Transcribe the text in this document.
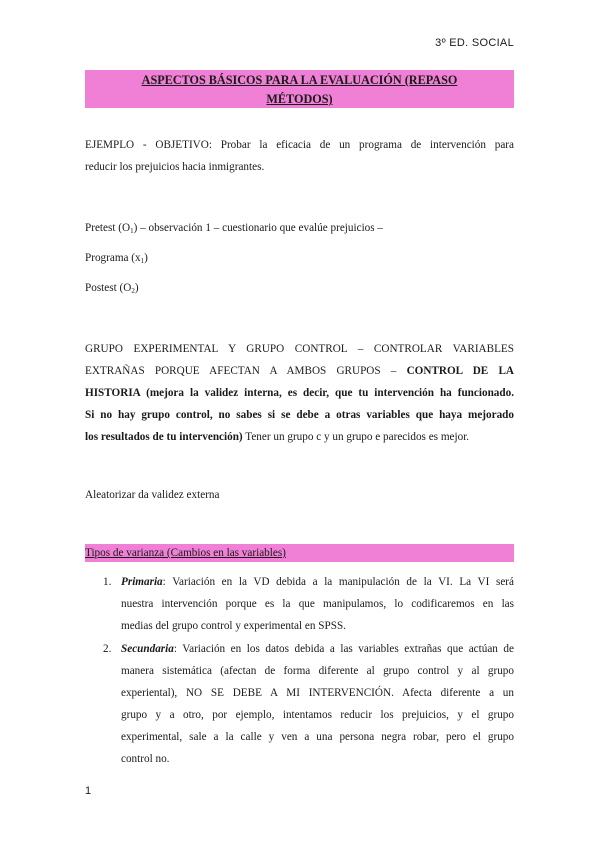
3º ED. SOCIAL
ASPECTOS BÁSICOS PARA LA EVALUACIÓN (REPASO
MÉTODOS)
EJEMPLO - OBJETIVO: Probar la eficacia de un programa de intervención para
reducir los prejuicios hacia inmigrantes.
Pretest $(O_1)$ – observación 1 – cuestionario que evalúe prejuicios –
Programa $(x_1)$
Postest $(O_2)$
GRUPO EXPERIMENTAL Y GRUPO CONTROL – CONTROLAR VARIABLES
EXTRAÑAS PORQUE AFECTAN A AMBOS GRUPOS – CONTROL DE LA
HISTORIA (mejora la validez interna, es decir, que tu intervención ha funcionado.
Si no hay grupo control, no sabes si se debe a otras variables que haya mejorado
los resultados de tu intervención) Tener un grupo c y un grupo e parecidos es mejor.
Aleatorizar da validez externa
Tipos de varianza (Cambios en las variables)
1. Primaria: Variación en la VD debida a la manipulación de la VI. La VI será
nuestra intervención porque es la que manipulamos, lo codificaremos en las
medias del grupo control y experimental en SPSS.
2. Secundaria: Variación en los datos debida a las variables extrañas que actúan de
manera sistemática (afectan de forma diferente al grupo control y al grupo
experiental), NO SE DEBE A MI INTERVENCIÓN. Afecta diferente a un
grupo y a otro, por ejemplo, intentamos reducir los prejuicios, y el grupo
experimental, sale a la calle y ven a una persona negra robar, pero el grupo
control no.
1
